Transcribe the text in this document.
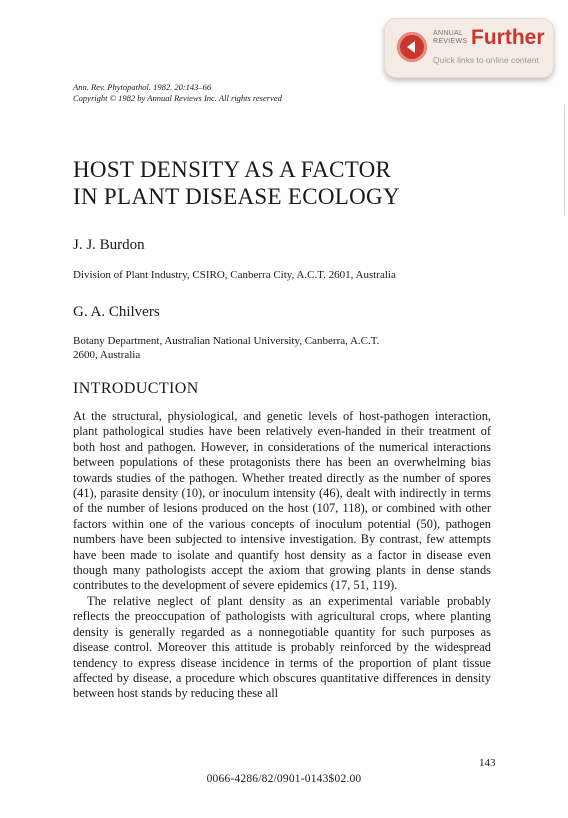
ANNUAL
REVIEWS Further
Quick links to online content
Ann. Rev. Phytopathol. 1982. 20:143–66
Copyright © 1982 by Annual Reviews Inc. All rights reserved
HOST DENSITY AS A FACTOR
IN PLANT DISEASE ECOLOGY
J. J. Burdon
Division of Plant Industry, CSIRO, Canberra City, A.C.T. 2601, Australia
G. A. Chilvers
Botany Department, Australian National University, Canberra, A.C.T.
2600, Australia
INTRODUCTION

At the structural, physiological, and genetic levels of host-pathogen interaction, plant pathological studies have been relatively even-handed in their treatment of both host and pathogen. However, in considerations of the numerical interactions between populations of these protagonists there has been an overwhelming bias towards studies of the pathogen. Whether treated directly as the number of spores (41), parasite density (10), or inoculum intensity (46), dealt with indirectly in terms of the number of lesions produced on the host (107, 118), or combined with other factors within one of the various concepts of inoculum potential (50), pathogen numbers have been subjected to intensive investigation. By contrast, few attempts have been made to isolate and quantify host density as a factor in disease even though many pathologists accept the axiom that growing plants in dense stands contributes to the development of severe epidemics (17, 51, 119).

The relative neglect of plant density as an experimental variable probably reflects the preoccupation of pathologists with agricultural crops, where planting density is generally regarded as a nonnegotiable quantity for such purposes as disease control. Moreover this attitude is probably reinforced by the widespread tendency to express disease incidence in terms of the proportion of plant tissue affected by disease, a procedure which obscures quantitative differences in density between host stands by reducing these all

143
0066-4286/82/0901-0143$02.00
